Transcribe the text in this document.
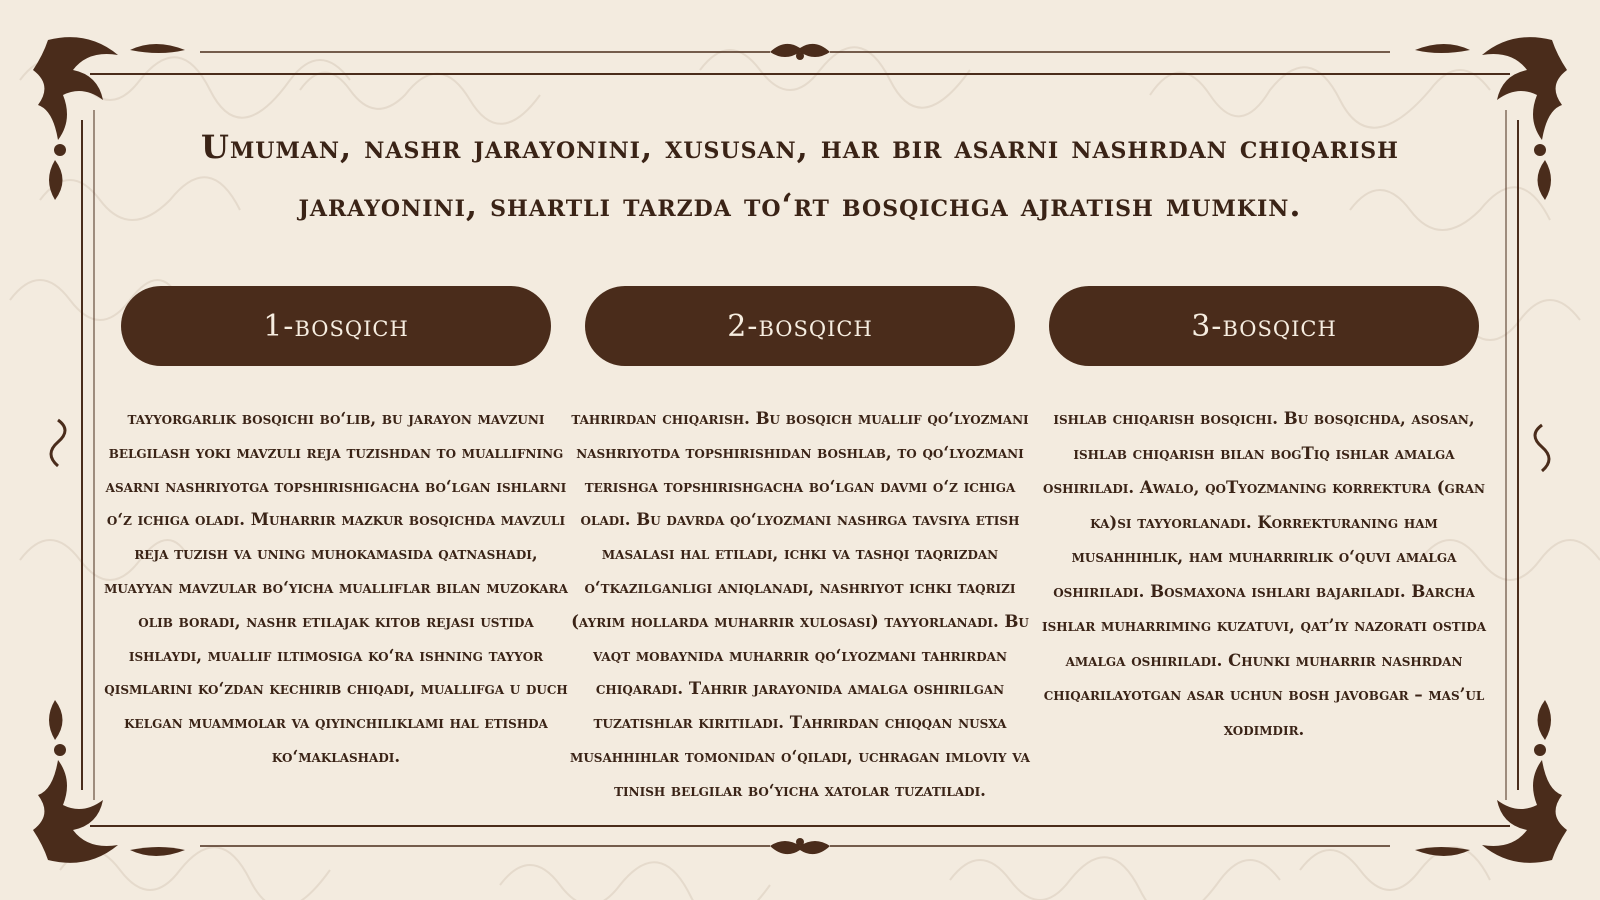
Umuman, nashr jarayonini, xususan, har bir asarni nashrdan chiqarish jarayonini, shartli tarzda to‘rt bosqichga ajratish mumkin.
1-bosqich

tayyorgarlik bosqichi bo‘lib, bu jarayon mavzuni belgilash yoki mavzuli reja tuzishdan to muallifning asarni nashriyotga topshirishigacha bo‘lgan ishlarni o‘z ichiga oladi. Muharrir mazkur bosqichda mavzuli reja tuzish va uning muhokamasida qatnashadi, muayyan mavzular bo‘yicha mualliflar bilan muzokara olib boradi, nashr etilajak kitob rejasi ustida ishlaydi, muallif iltimosiga ko‘ra ishning tayyor qismlarini ko‘zdan kechirib chiqadi, muallifga u duch kelgan muammolar va qiyinchiliklami hal etishda ko‘maklashadi.

2-bosqich

tahrirdan chiqarish. Bu bosqich muallif qo‘lyozmani nashriyotda topshirishidan boshlab, to qo‘lyozmani terishga topshirishgacha bo‘lgan davmi o‘z ichiga oladi. Bu davrda qo‘lyozmani nashrga tavsiya etish masalasi hal etiladi, ichki va tashqi taqrizdan o‘tkazilganligi aniqlanadi, nashriyot ichki taqrizi (ayrim hollarda muharrir xulosasi) tayyorlanadi. Bu vaqt mobaynida muharrir qo‘lyozmani tahrirdan chiqaradi. Tahrir jarayonida amalga oshirilgan tuzatishlar kiritiladi. Tahrirdan chiqqan nusxa musahhihlar tomonidan o‘qiladi, uchragan imloviy va tinish belgilar bo‘yicha xatolar tuzatiladi.

3-bosqich

ishlab chiqarish bosqichi. Bu bosqichda, asosan, ishlab chiqarish bilan bogTiq ishlar amalga oshiriladi. Awalo, qoTyozmaning korrektura (gran ka)si tayyorlanadi. Korrekturaning ham musahhihlik, ham muharrirlik o‘quvi amalga oshiriladi. Bosmaxona ishlari bajariladi. Barcha ishlar muharriming kuzatuvi, qat’iy nazorati ostida amalga oshiriladi. Chunki muharrir nashrdan chiqarilayotgan asar uchun bosh javobgar – mas’ul xodimdir.
